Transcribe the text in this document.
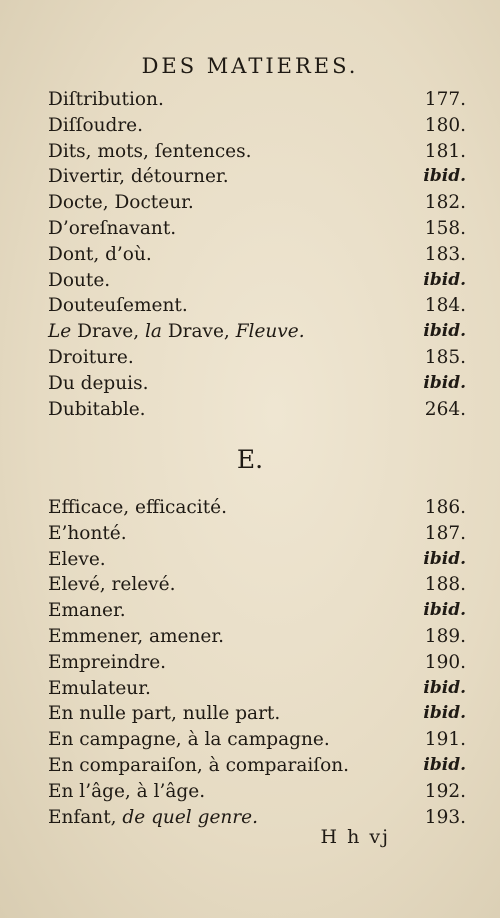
DES MATIERES.
Diſtribution.	177.
Diſſoudre.	180.
Dits, mots, ſentences.	181.
Divertir, détourner.	ibid.
Docte, Docteur.	182.
D’oreſnavant.	158.
Dont, d’où.	183.
Doute.	ibid.
Douteuſement.	184.
Le Drave, la Drave, Fleuve.	ibid.
Droiture.	185.
Du depuis.	ibid.
Dubitable.	264.
E.
Efficace, efficacité.	186.
E’honté.	187.
Eleve.	ibid.
Elevé, relevé.	188.
Emaner.	ibid.
Emmener, amener.	189.
Empreindre.	190.
Emulateur.	ibid.
En nulle part, nulle part.	ibid.
En campagne, à la campagne.	191.
En comparaiſon, à comparaiſon.	ibid.
En l’âge, à l’âge.	192.
Enfant, de quel genre.	193.
H h vj
